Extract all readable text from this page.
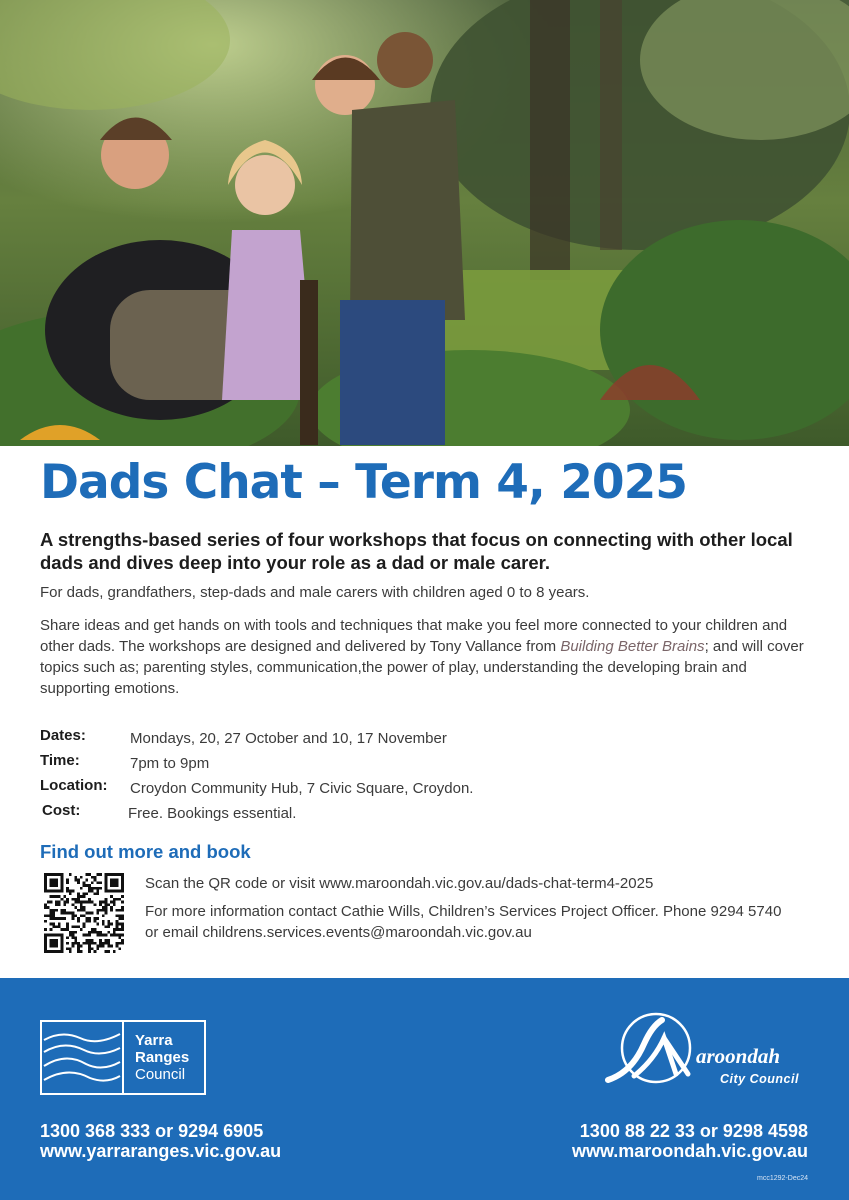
Dads Chat – Term 4, 2025

A strengths-based series of four workshops that focus on connecting with other local dads and dives deep into your role as a dad or male carer.

For dads, grandfathers, step-dads and male carers with children aged 0 to 8 years.

Share ideas and get hands on with tools and techniques that make you feel more connected to your children and other dads. The workshops are designed and delivered by Tony Vallance from Building Better Brains; and will cover topics such as; parenting styles, communication,the power of play, understanding the developing brain and supporting emotions.

Dates:	Mondays, 20, 27 October and 10, 17 November
Time:	7pm to 9pm
Location: Croydon Community Hub, 7 Civic Square, Croydon.
Cost:	Free. Bookings essential.
Find out more and book

Scan the QR code or visit www.maroondah.vic.gov.au/dads-chat-term4-2025

For more information contact Cathie Wills, Children’s Services Project Officer. Phone 9294 5740 or email childrens.services.events@maroondah.vic.gov.au

Yarra
Ranges
Council
aroondah
City Council
1300 368 333 or 9294 6905
www.yarraranges.vic.gov.au
1300 88 22 33 or 9298 4598
www.maroondah.vic.gov.au
mcc1292-Dec24
